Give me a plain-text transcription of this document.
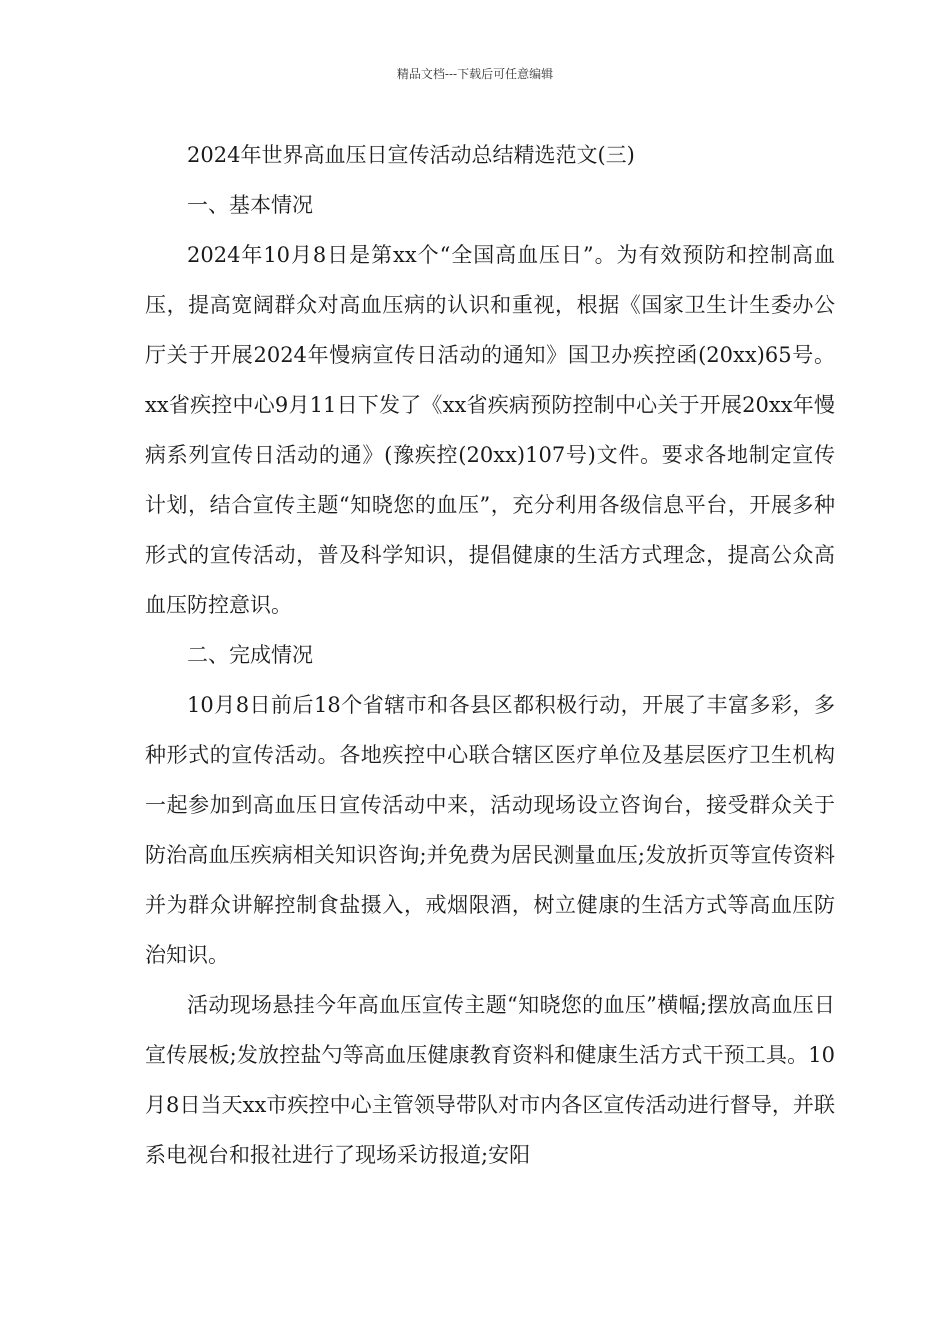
精品文档---下载后可任意编辑

2024年世界高血压日宣传活动总结精选范文(三)

一、基本情况

2024年10月8日是第xx个“全国高血压日”。为有效预防和控制高血压，提高宽阔群众对高血压病的认识和重视，根据《国家卫生计生委办公厅关于开展2024年慢病宣传日活动的通知》国卫办疾控函(20xx)65号。xx省疾控中心9月11日下发了《xx省疾病预防控制中心关于开展20xx年慢病系列宣传日活动的通》(豫疾控(20xx)107号)文件。要求各地制定宣传计划，结合宣传主题“知晓您的血压”，充分利用各级信息平台，开展多种形式的宣传活动，普及科学知识，提倡健康的生活方式理念，提高公众高血压防控意识。

二、完成情况

10月8日前后18个省辖市和各县区都积极行动，开展了丰富多彩，多种形式的宣传活动。各地疾控中心联合辖区医疗单位及基层医疗卫生机构一起参加到高血压日宣传活动中来，活动现场设立咨询台，接受群众关于防治高血压疾病相关知识咨询;并免费为居民测量血压;发放折页等宣传资料并为群众讲解控制食盐摄入，戒烟限酒，树立健康的生活方式等高血压防治知识。

活动现场悬挂今年高血压宣传主题“知晓您的血压”横幅;摆放高血压日宣传展板;发放控盐勺等高血压健康教育资料和健康生活方式干预工具。10月8日当天xx市疾控中心主管领导带队对市内各区宣传活动进行督导，并联系电视台和报社进行了现场采访报道;安阳
